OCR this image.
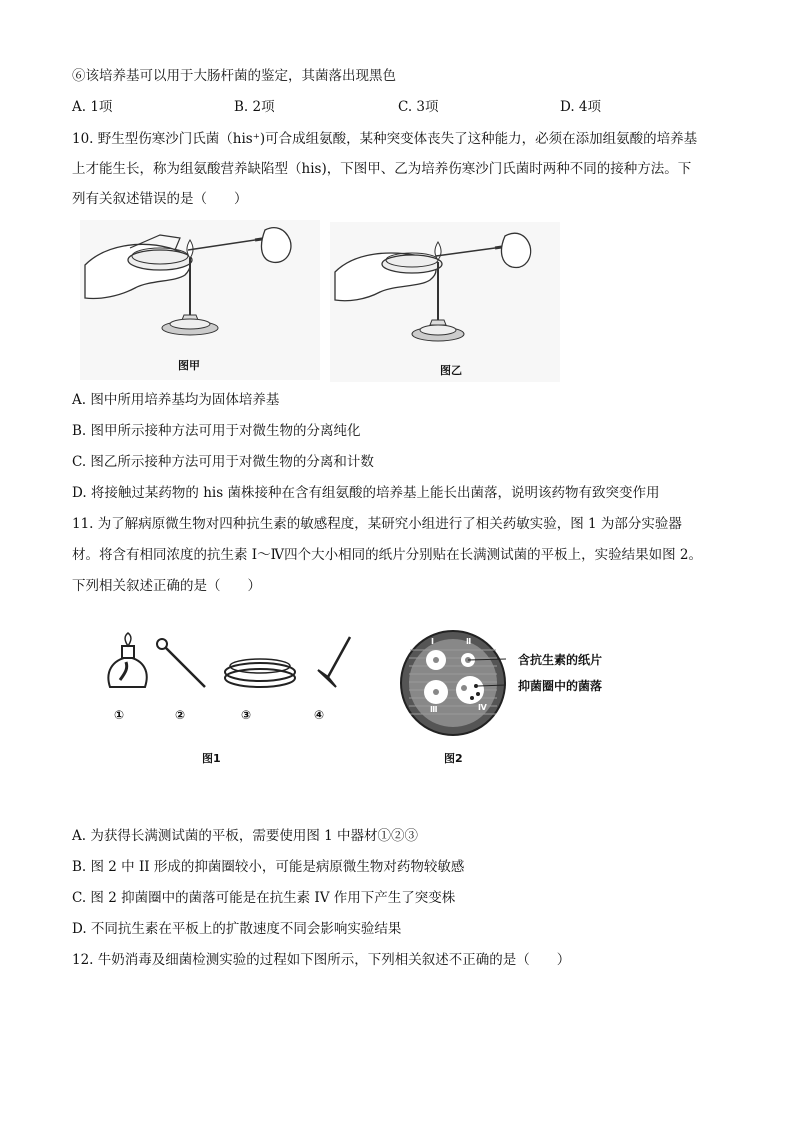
⑥该培养基可以用于大肠杆菌的鉴定，其菌落出现黑色
A. 1项	B. 2项	C. 3项	D. 4项
10. 野生型伤寒沙门氏菌（his⁺)可合成组氨酸，某种突变体丧失了这种能力，必须在添加组氨酸的培养基
上才能生长，称为组氨酸营养缺陷型（his)，下图甲、乙为培养伤寒沙门氏菌时两种不同的接种方法。下
列有关叙述错误的是（　　）
图甲	图乙
A. 图中所用培养基均为固体培养基
B. 图甲所示接种方法可用于对微生物的分离纯化
C. 图乙所示接种方法可用于对微生物的分离和计数
D. 将接触过某药物的 his 菌株接种在含有组氨酸的培养基上能长出菌落，说明该药物有致突变作用
11. 为了解病原微生物对四种抗生素的敏感程度，某研究小组进行了相关药敏实验，图 1 为部分实验器
材。将含有相同浓度的抗生素 Ⅰ～Ⅳ四个大小相同的纸片分别贴在长满测试菌的平板上，实验结果如图 2。
下列相关叙述正确的是（　　）
①	②	③	④
图1
Ⅰ	Ⅱ
Ⅲ	Ⅳ
含抗生素的纸片
抑菌圈中的菌落
图2
A. 为获得长满测试菌的平板，需要使用图 1 中器材①②③
B. 图 2 中 II 形成的抑菌圈较小，可能是病原微生物对药物较敏感
C. 图 2 抑菌圈中的菌落可能是在抗生素 IV 作用下产生了突变株
D. 不同抗生素在平板上的扩散速度不同会影响实验结果
12. 牛奶消毒及细菌检测实验的过程如下图所示，下列相关叙述不正确的是（　　）
